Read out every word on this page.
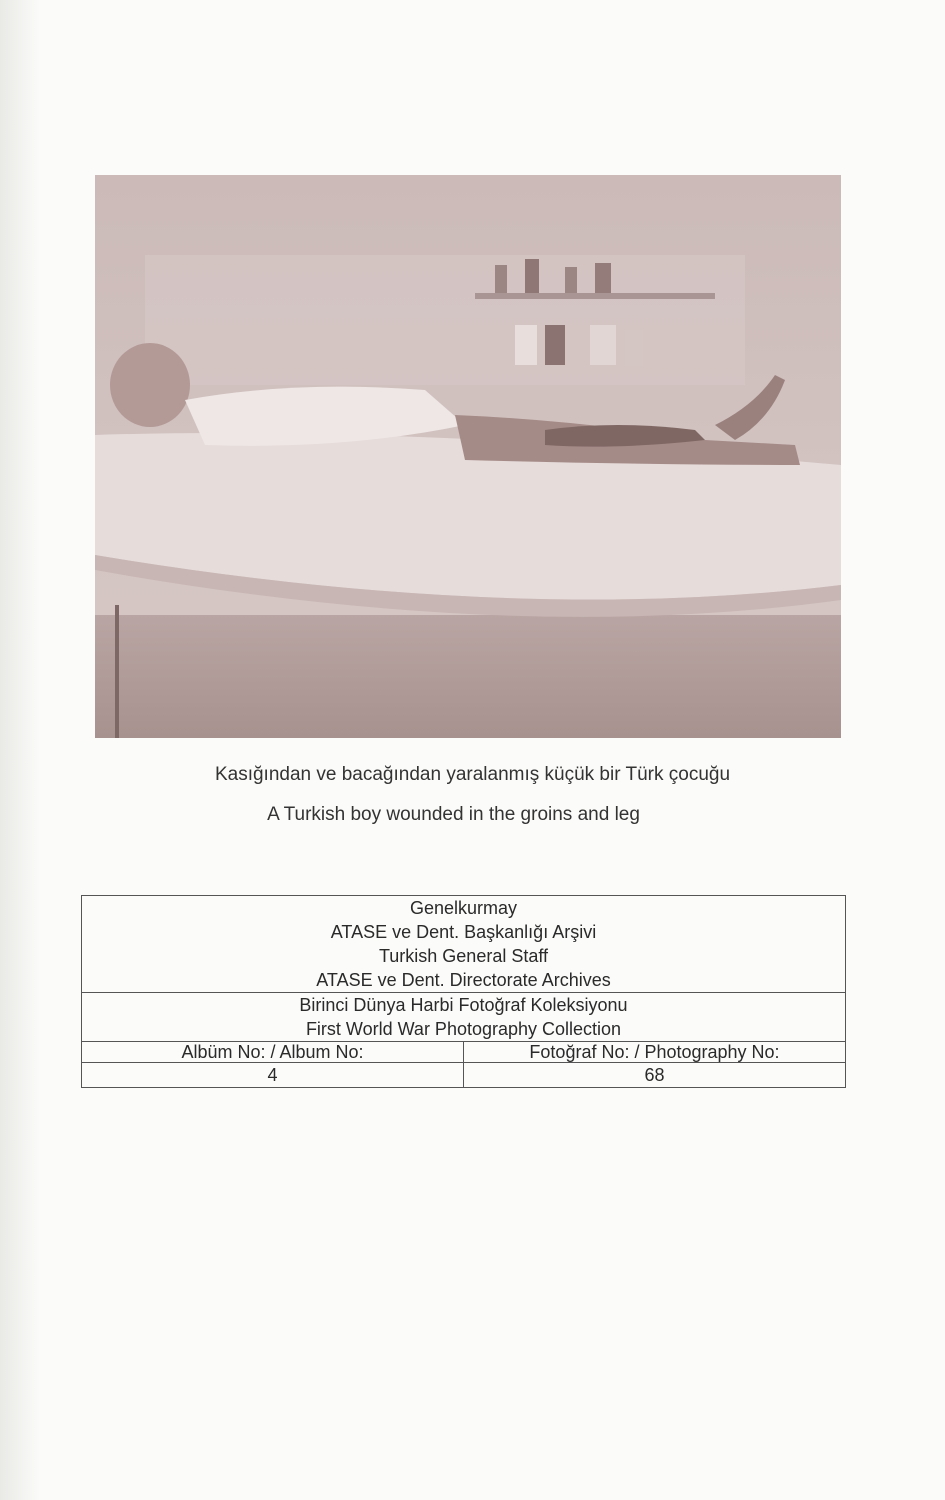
Kasığından ve bacağından yaralanmış küçük bir Türk çocuğu
A Turkish boy wounded in the groins and leg
Genelkurmay
ATASE ve Dent. Başkanlığı Arşivi
Turkish General Staff
ATASE ve Dent. Directorate Archives	

Birinci Dünya Harbi Fotoğraf Koleksiyonu
First World War Photography Collection	

Albüm No: / Album No:	Fotoğraf No: / Photography No:
4	68
